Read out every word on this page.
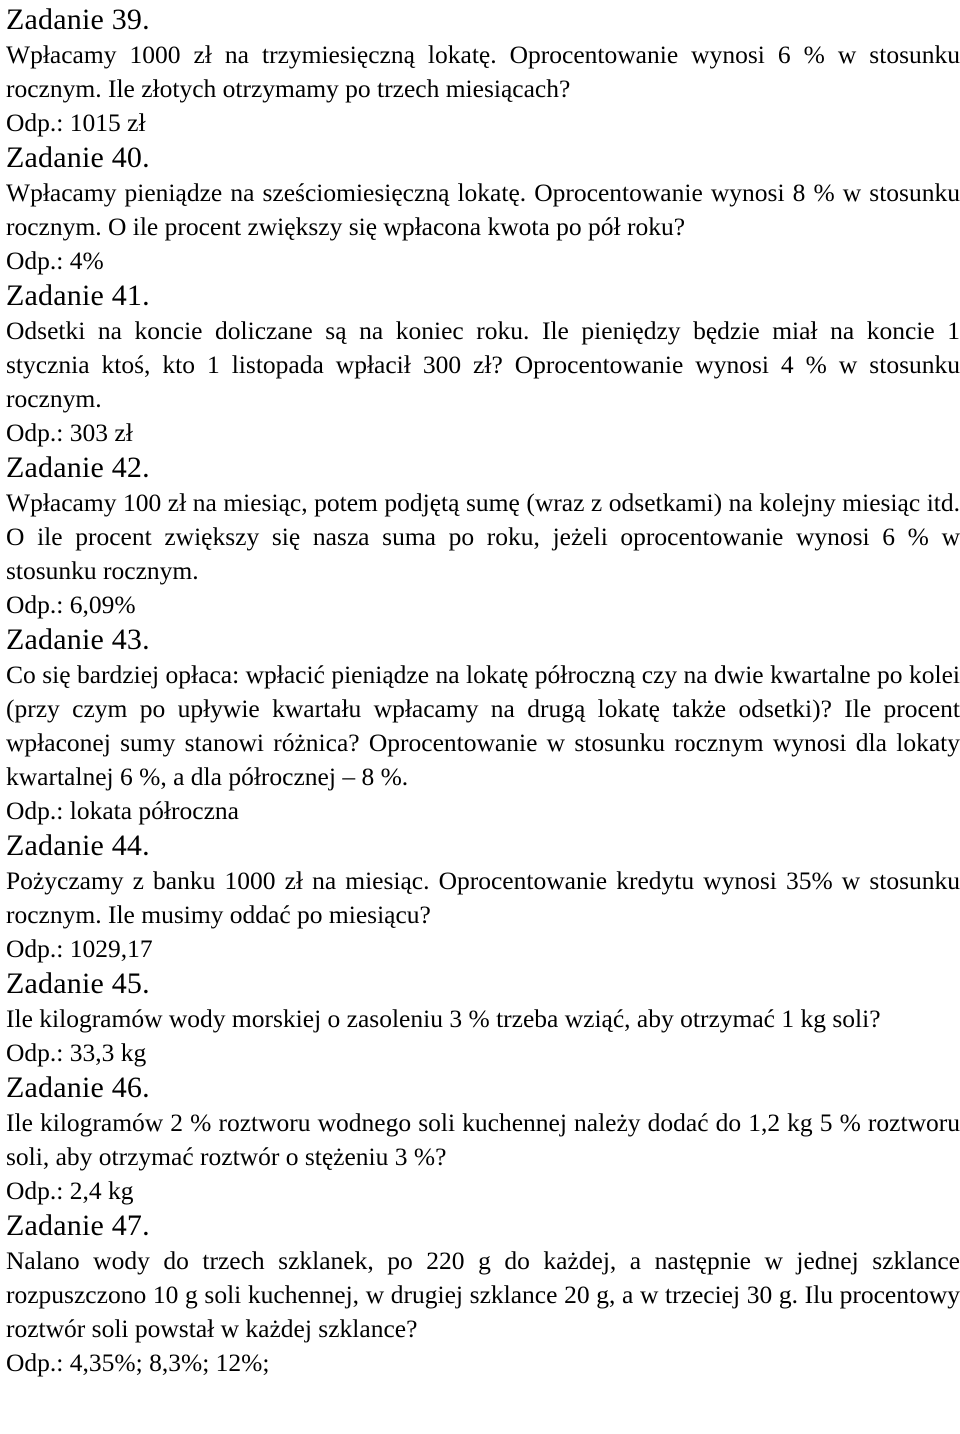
Zadanie 39.
Wpłacamy 1000 zł na trzymiesięczną lokatę. Oprocentowanie wynosi 6 % w stosunku rocznym. Ile złotych otrzymamy po trzech miesiącach?
Odp.: 1015 zł
Zadanie 40.
Wpłacamy pieniądze na sześciomiesięczną lokatę. Oprocentowanie wynosi 8 % w stosunku rocznym. O ile procent zwiększy się wpłacona kwota po pół roku?
Odp.: 4%
Zadanie 41.
Odsetki na koncie doliczane są na koniec roku. Ile pieniędzy będzie miał na koncie 1 stycznia ktoś, kto 1 listopada wpłacił 300 zł? Oprocentowanie wynosi 4 % w stosunku rocznym.
Odp.: 303 zł
Zadanie 42.
Wpłacamy 100 zł na miesiąc, potem podjętą sumę (wraz z odsetkami) na kolejny miesiąc itd. O ile procent zwiększy się nasza suma po roku, jeżeli oprocentowanie wynosi 6 % w stosunku rocznym.
Odp.: 6,09%
Zadanie 43.
Co się bardziej opłaca: wpłacić pieniądze na lokatę półroczną czy na dwie kwartalne po kolei (przy czym po upływie kwartału wpłacamy na drugą lokatę także odsetki)? Ile procent wpłaconej sumy stanowi różnica? Oprocentowanie w stosunku rocznym wynosi dla lokaty kwartalnej 6 %, a dla półrocznej – 8 %.
Odp.: lokata półroczna
Zadanie 44.
Pożyczamy z banku 1000 zł na miesiąc. Oprocentowanie kredytu wynosi 35% w stosunku rocznym. Ile musimy oddać po miesiącu?
Odp.: 1029,17
Zadanie 45.
Ile kilogramów wody morskiej o zasoleniu 3 % trzeba wziąć, aby otrzymać 1 kg soli?
Odp.: 33,3 kg
Zadanie 46.
Ile kilogramów 2 % roztworu wodnego soli kuchennej należy dodać do 1,2 kg 5 % roztworu soli, aby otrzymać roztwór o stężeniu 3 %?
Odp.: 2,4 kg
Zadanie 47.
Nalano wody do trzech szklanek, po 220 g do każdej, a następnie w jednej szklance rozpuszczono 10 g soli kuchennej, w drugiej szklance 20 g, a w trzeciej 30 g. Ilu procentowy roztwór soli powstał w każdej szklance?
Odp.: 4,35%; 8,3%; 12%;
